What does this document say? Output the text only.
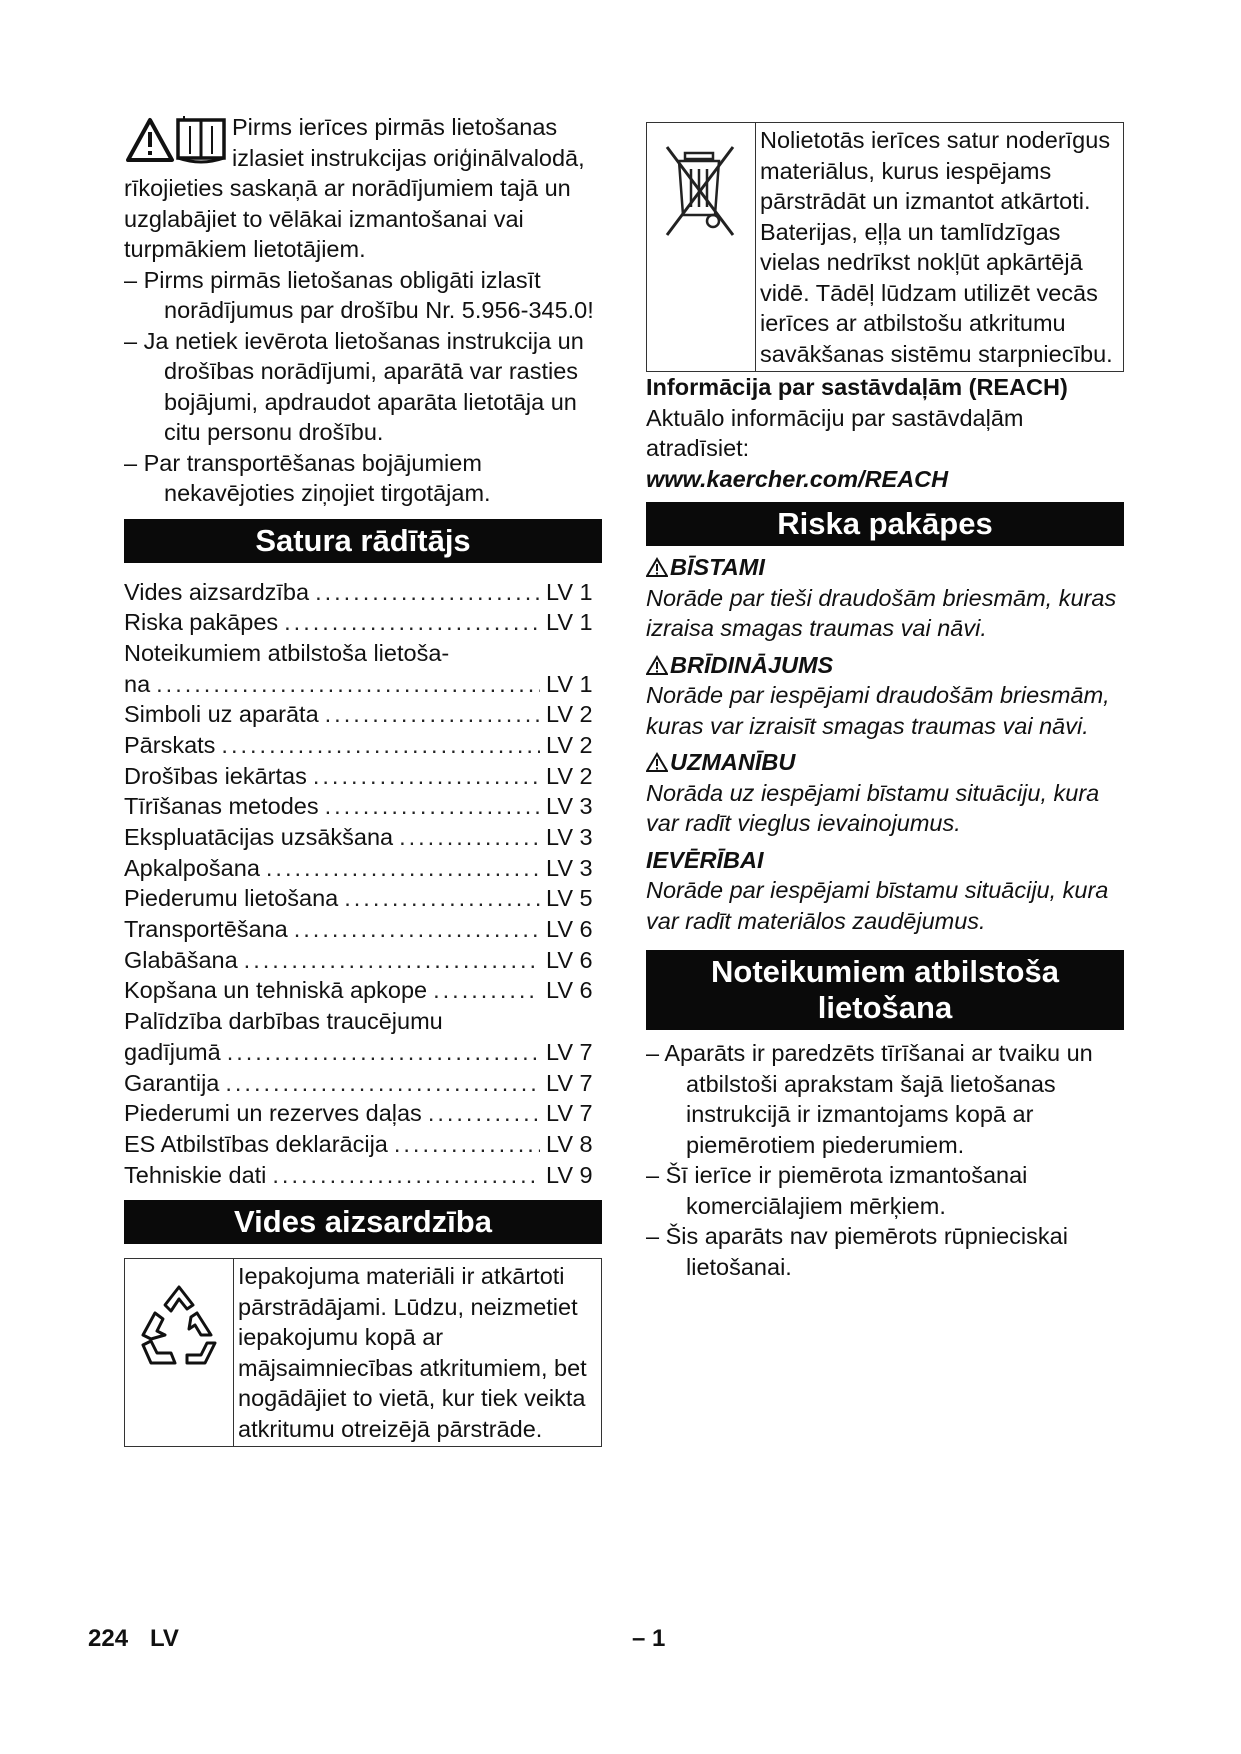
Pirms ierīces pirmās lietošanas izlasiet instrukcijas oriģinālvalodā, rīkojieties saskaņā ar norādījumiem tajā un uzglabājiet to vēlākai izmantošanai vai turpmākiem lietotājiem.

– Pirms pirmās lietošanas obligāti izlasīt norādījumus par drošību Nr. 5.956-345.0!

– Ja netiek ievērota lietošanas instrukcija un drošības norādījumi, aparātā var rasties bojājumi, apdraudot aparāta lietotāja un citu personu drošību.

– Par transportēšanas bojājumiem nekavējoties ziņojiet tirgotājam.

Satura rādītājs
Vides aizsardzība .....	LV 1
Riska pakāpes .....	LV 1
Noteikumiem atbilstoša lietoša-
na .....	LV 1
Simboli uz aparāta .....	LV 2
Pārskats .....	LV 2
Drošības iekārtas .....	LV 2
Tīrīšanas metodes .....	LV 3
Ekspluatācijas uzsākšana .....	LV 3
Apkalpošana .....	LV 3
Piederumu lietošana .....	LV 5
Transportēšana .....	LV 6
Glabāšana .....	LV 6
Kopšana un tehniskā apkope .....	LV 6
Palīdzība darbības traucējumu
gadījumā .....	LV 7
Garantija .....	LV 7
Piederumi un rezerves daļas .....	LV 7
ES Atbilstības deklarācija .....	LV 8
Tehniskie dati .....	LV 9
Vides aizsardzība
Iepakojuma materiāli ir atkārtoti pārstrādājami. Lūdzu, neizmetiet iepakojumu kopā ar mājsaimniecības atkritumiem, bet nogādājiet to vietā, kur tiek veikta atkritumu otreizējā pārstrāde.
Nolietotās ierīces satur noderīgus materiālus, kurus iespējams pārstrādāt un izmantot atkārtoti. Baterijas, eļļa un tamlīdzīgas vielas nedrīkst nokļūt apkārtējā vidē. Tādēļ lūdzam utilizēt vecās ierīces ar atbilstošu atkritumu savākšanas sistēmu starpniecību.

Informācija par sastāvdaļām (REACH)

Aktuālo informāciju par sastāvdaļām atradīsiet:

www.kaercher.com/REACH

Riska pakāpes
BĪSTAMI

Norāde par tieši draudošām briesmām, kuras izraisa smagas traumas vai nāvi.

BRĪDINĀJUMS

Norāde par iespējami draudošām briesmām, kuras var izraisīt smagas traumas vai nāvi.

UZMANĪBU

Norāda uz iespējami bīstamu situāciju, kura var radīt vieglus ievainojumus.

IEVĒRĪBAI

Norāde par iespējami bīstamu situāciju, kura var radīt materiālos zaudējumus.

Noteikumiem atbilstoša lietošana

– Aparāts ir paredzēts tīrīšanai ar tvaiku un atbilstoši aprakstam šajā lietošanas instrukcijā ir izmantojams kopā ar piemērotiem piederumiem.

– Šī ierīce ir piemērota izmantošanai komerciālajiem mērķiem.

– Šis aparāts nav piemērots rūpnieciskai lietošanai.

224 LV	– 1
